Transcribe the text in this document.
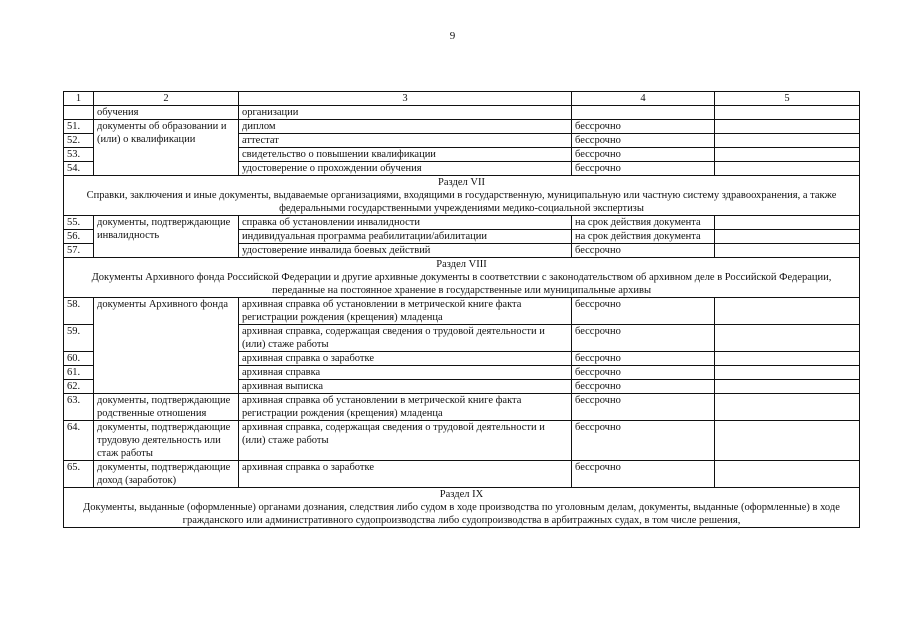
9
1	2	3	4	5
	обучения	организации		
51.	документы об образовании и (или) о квалификации	диплом	бессрочно	
52.		аттестат	бессрочно	
53.		свидетельство о повышении квалификации	бессрочно	
54.		удостоверение о прохождении обучения	бессрочно	

Раздел VII
Справки, заключения и иные документы, выдаваемые организациями, входящими в государственную, муниципальную или частную систему здравоохранения, а также федеральными государственными учреждениями медико-социальной экспертизы				

55.	документы, подтверждающие инвалидность	справка об установлении инвалидности	на срок действия документа	
56.		индивидуальная программа реабилитации/абилитации	на срок действия документа	
57.		удостоверение инвалида боевых действий	бессрочно	

Раздел VIII
Документы Архивного фонда Российской Федерации и другие архивные документы в соответствии с законодательством об архивном деле в Российской Федерации, переданные на постоянное хранение в государственные или муниципальные архивы				

58.	документы Архивного фонда	архивная справка об установлении в метрической книге факта регистрации рождения (крещения) младенца	бессрочно	
59.		архивная справка, содержащая сведения о трудовой деятельности и (или) стаже работы	бессрочно	
60.		архивная справка о заработке	бессрочно	
61.		архивная справка	бессрочно	
62.		архивная выписка	бессрочно	
63.	документы, подтверждающие родственные отношения	архивная справка об установлении в метрической книге факта регистрации рождения (крещения) младенца	бессрочно	
64.	документы, подтверждающие трудовую деятельность или стаж работы	архивная справка, содержащая сведения о трудовой деятельности и (или) стаже работы	бессрочно	
65.	документы, подтверждающие доход (заработок)	архивная справка о заработке	бессрочно	

Раздел IX
Документы, выданные (оформленные) органами дознания, следствия либо судом в ходе производства по уголовным делам, документы, выданные (оформленные) в ходе гражданского или административного судопроизводства либо судопроизводства в арбитражных судах, в том числе решения,				
